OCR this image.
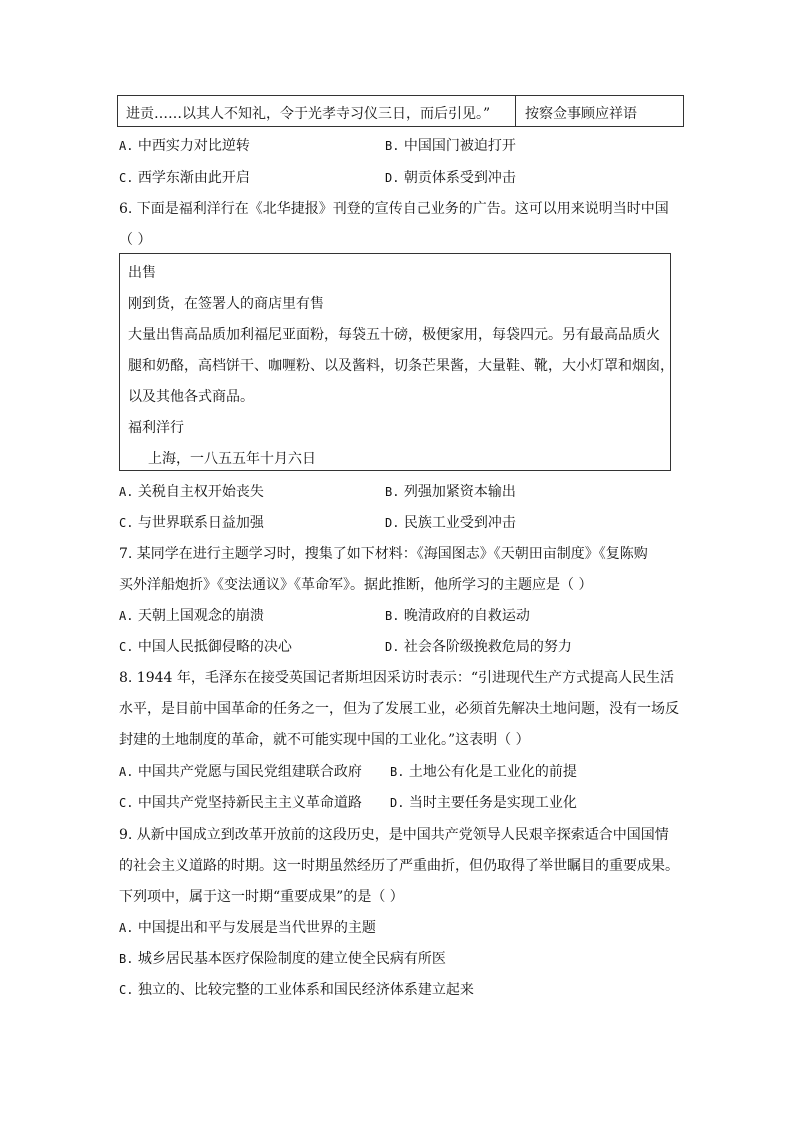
进贡……以其人不知礼，令于光孝寺习仪三日，而后引见。” 按察佥事顾应祥语
A. 中西实力对比逆转	B. 中国国门被迫打开
C. 西学东渐由此开启	D. 朝贡体系受到冲击
6. 下面是福利洋行在《北华捷报》刊登的宣传自己业务的广告。这可以用来说明当时中国
（ ）
出售
刚到货，在签署人的商店里有售
大量出售高品质加利福尼亚面粉，每袋五十磅，极便家用，每袋四元。另有最高品质火
腿和奶酪，高档饼干、咖喱粉、以及酱料，切条芒果酱，大量鞋、靴，大小灯罩和烟囱，
以及其他各式商品。
福利洋行
上海，一八五五年十月六日
A. 关税自主权开始丧失	B. 列强加紧资本输出
C. 与世界联系日益加强	D. 民族工业受到冲击
7. 某同学在进行主题学习时，搜集了如下材料：《海国图志》《天朝田亩制度》《复陈购
买外洋船炮折》《变法通议》《革命军》。据此推断，他所学习的主题应是（ ）
A. 天朝上国观念的崩溃	B. 晚清政府的自救运动
C. 中国人民抵御侵略的决心	D. 社会各阶级挽救危局的努力
8. 1944 年，毛泽东在接受英国记者斯坦因采访时表示：“引进现代生产方式提高人民生活
水平，是目前中国革命的任务之一，但为了发展工业，必须首先解决土地问题，没有一场反
封建的土地制度的革命，就不可能实现中国的工业化。”这表明（ ）
A. 中国共产党愿与国民党组建联合政府 B. 土地公有化是工业化的前提
C. 中国共产党坚持新民主主义革命道路 D. 当时主要任务是实现工业化
9. 从新中国成立到改革开放前的这段历史，是中国共产党领导人民艰辛探索适合中国国情
的社会主义道路的时期。这一时期虽然经历了严重曲折，但仍取得了举世瞩目的重要成果。
下列项中，属于这一时期“重要成果”的是（ ）
A. 中国提出和平与发展是当代世界的主题
B. 城乡居民基本医疗保险制度的建立使全民病有所医
C. 独立的、比较完整的工业体系和国民经济体系建立起来
